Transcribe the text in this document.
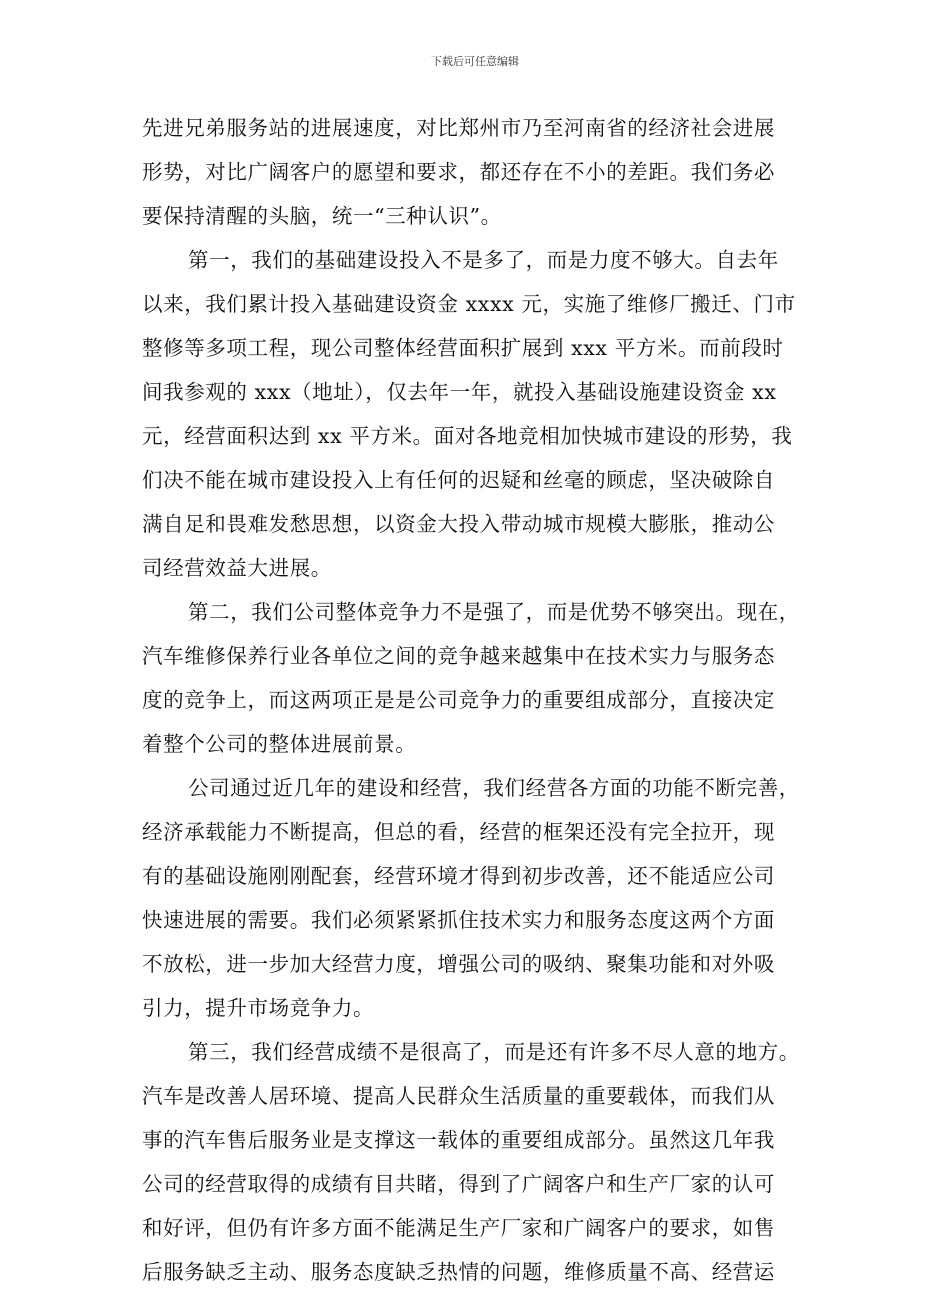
下载后可任意编辑
先进兄弟服务站的进展速度，对比郑州市乃至河南省的经济社会进展
形势，对比广阔客户的愿望和要求，都还存在不小的差距。我们务必
要保持清醒的头脑，统一“三种认识”。
第一，我们的基础建设投入不是多了，而是力度不够大。自去年
以来，我们累计投入基础建设资金 xxxx 元，实施了维修厂搬迁、门市
整修等多项工程，现公司整体经营面积扩展到 xxx 平方米。而前段时
间我参观的 xxx（地址），仅去年一年，就投入基础设施建设资金 xx
元，经营面积达到 xx 平方米。面对各地竞相加快城市建设的形势，我
们决不能在城市建设投入上有任何的迟疑和丝毫的顾虑，坚决破除自
满自足和畏难发愁思想，以资金大投入带动城市规模大膨胀，推动公
司经营效益大进展。
第二，我们公司整体竞争力不是强了，而是优势不够突出。现在，
汽车维修保养行业各单位之间的竞争越来越集中在技术实力与服务态
度的竞争上，而这两项正是是公司竞争力的重要组成部分，直接决定
着整个公司的整体进展前景。
公司通过近几年的建设和经营，我们经营各方面的功能不断完善，
经济承载能力不断提高，但总的看，经营的框架还没有完全拉开，现
有的基础设施刚刚配套，经营环境才得到初步改善，还不能适应公司
快速进展的需要。我们必须紧紧抓住技术实力和服务态度这两个方面
不放松，进一步加大经营力度，增强公司的吸纳、聚集功能和对外吸
引力，提升市场竞争力。
第三，我们经营成绩不是很高了，而是还有许多不尽人意的地方。
汽车是改善人居环境、提高人民群众生活质量的重要载体，而我们从
事的汽车售后服务业是支撑这一载体的重要组成部分。虽然这几年我
公司的经营取得的成绩有目共睹，得到了广阔客户和生产厂家的认可
和好评，但仍有许多方面不能满足生产厂家和广阔客户的要求，如售
后服务缺乏主动、服务态度缺乏热情的问题，维修质量不高、经营运
